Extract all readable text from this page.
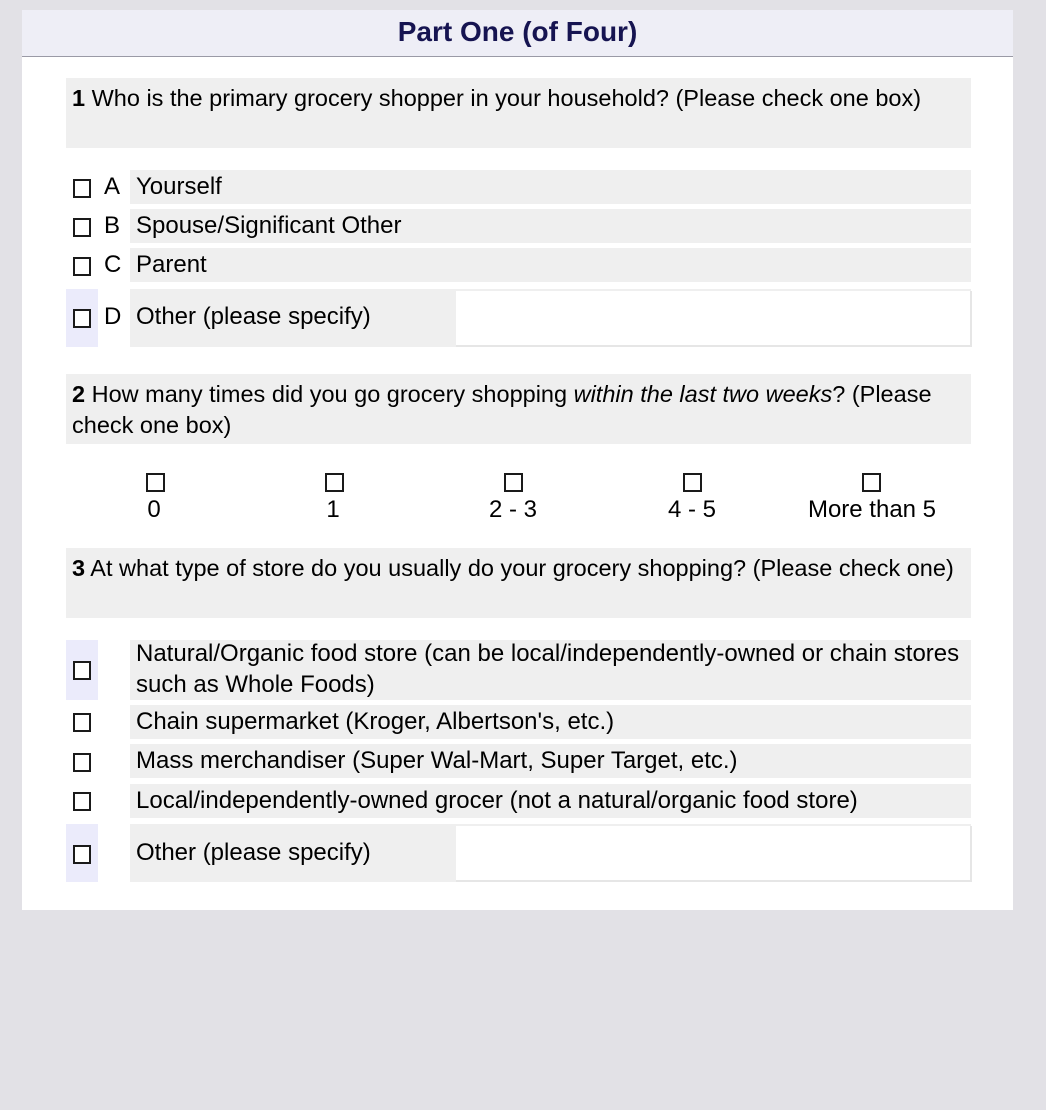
Part One (of Four)
1 Who is the primary grocery shopper in your household? (Please check one box)
A Yourself
B Spouse/Significant Other
C Parent
D Other (please specify)
2 How many times did you go grocery shopping within the last two weeks? (Please check one box)
0	1	2 - 3	4 - 5	More than 5
3 At what type of store do you usually do your grocery shopping? (Please check one)
Natural/Organic food store (can be local/independently-owned or chain stores such as Whole Foods)
Chain supermarket (Kroger, Albertson's, etc.)
Mass merchandiser (Super Wal-Mart, Super Target, etc.)
Local/independently-owned grocer (not a natural/organic food store)
Other (please specify)
